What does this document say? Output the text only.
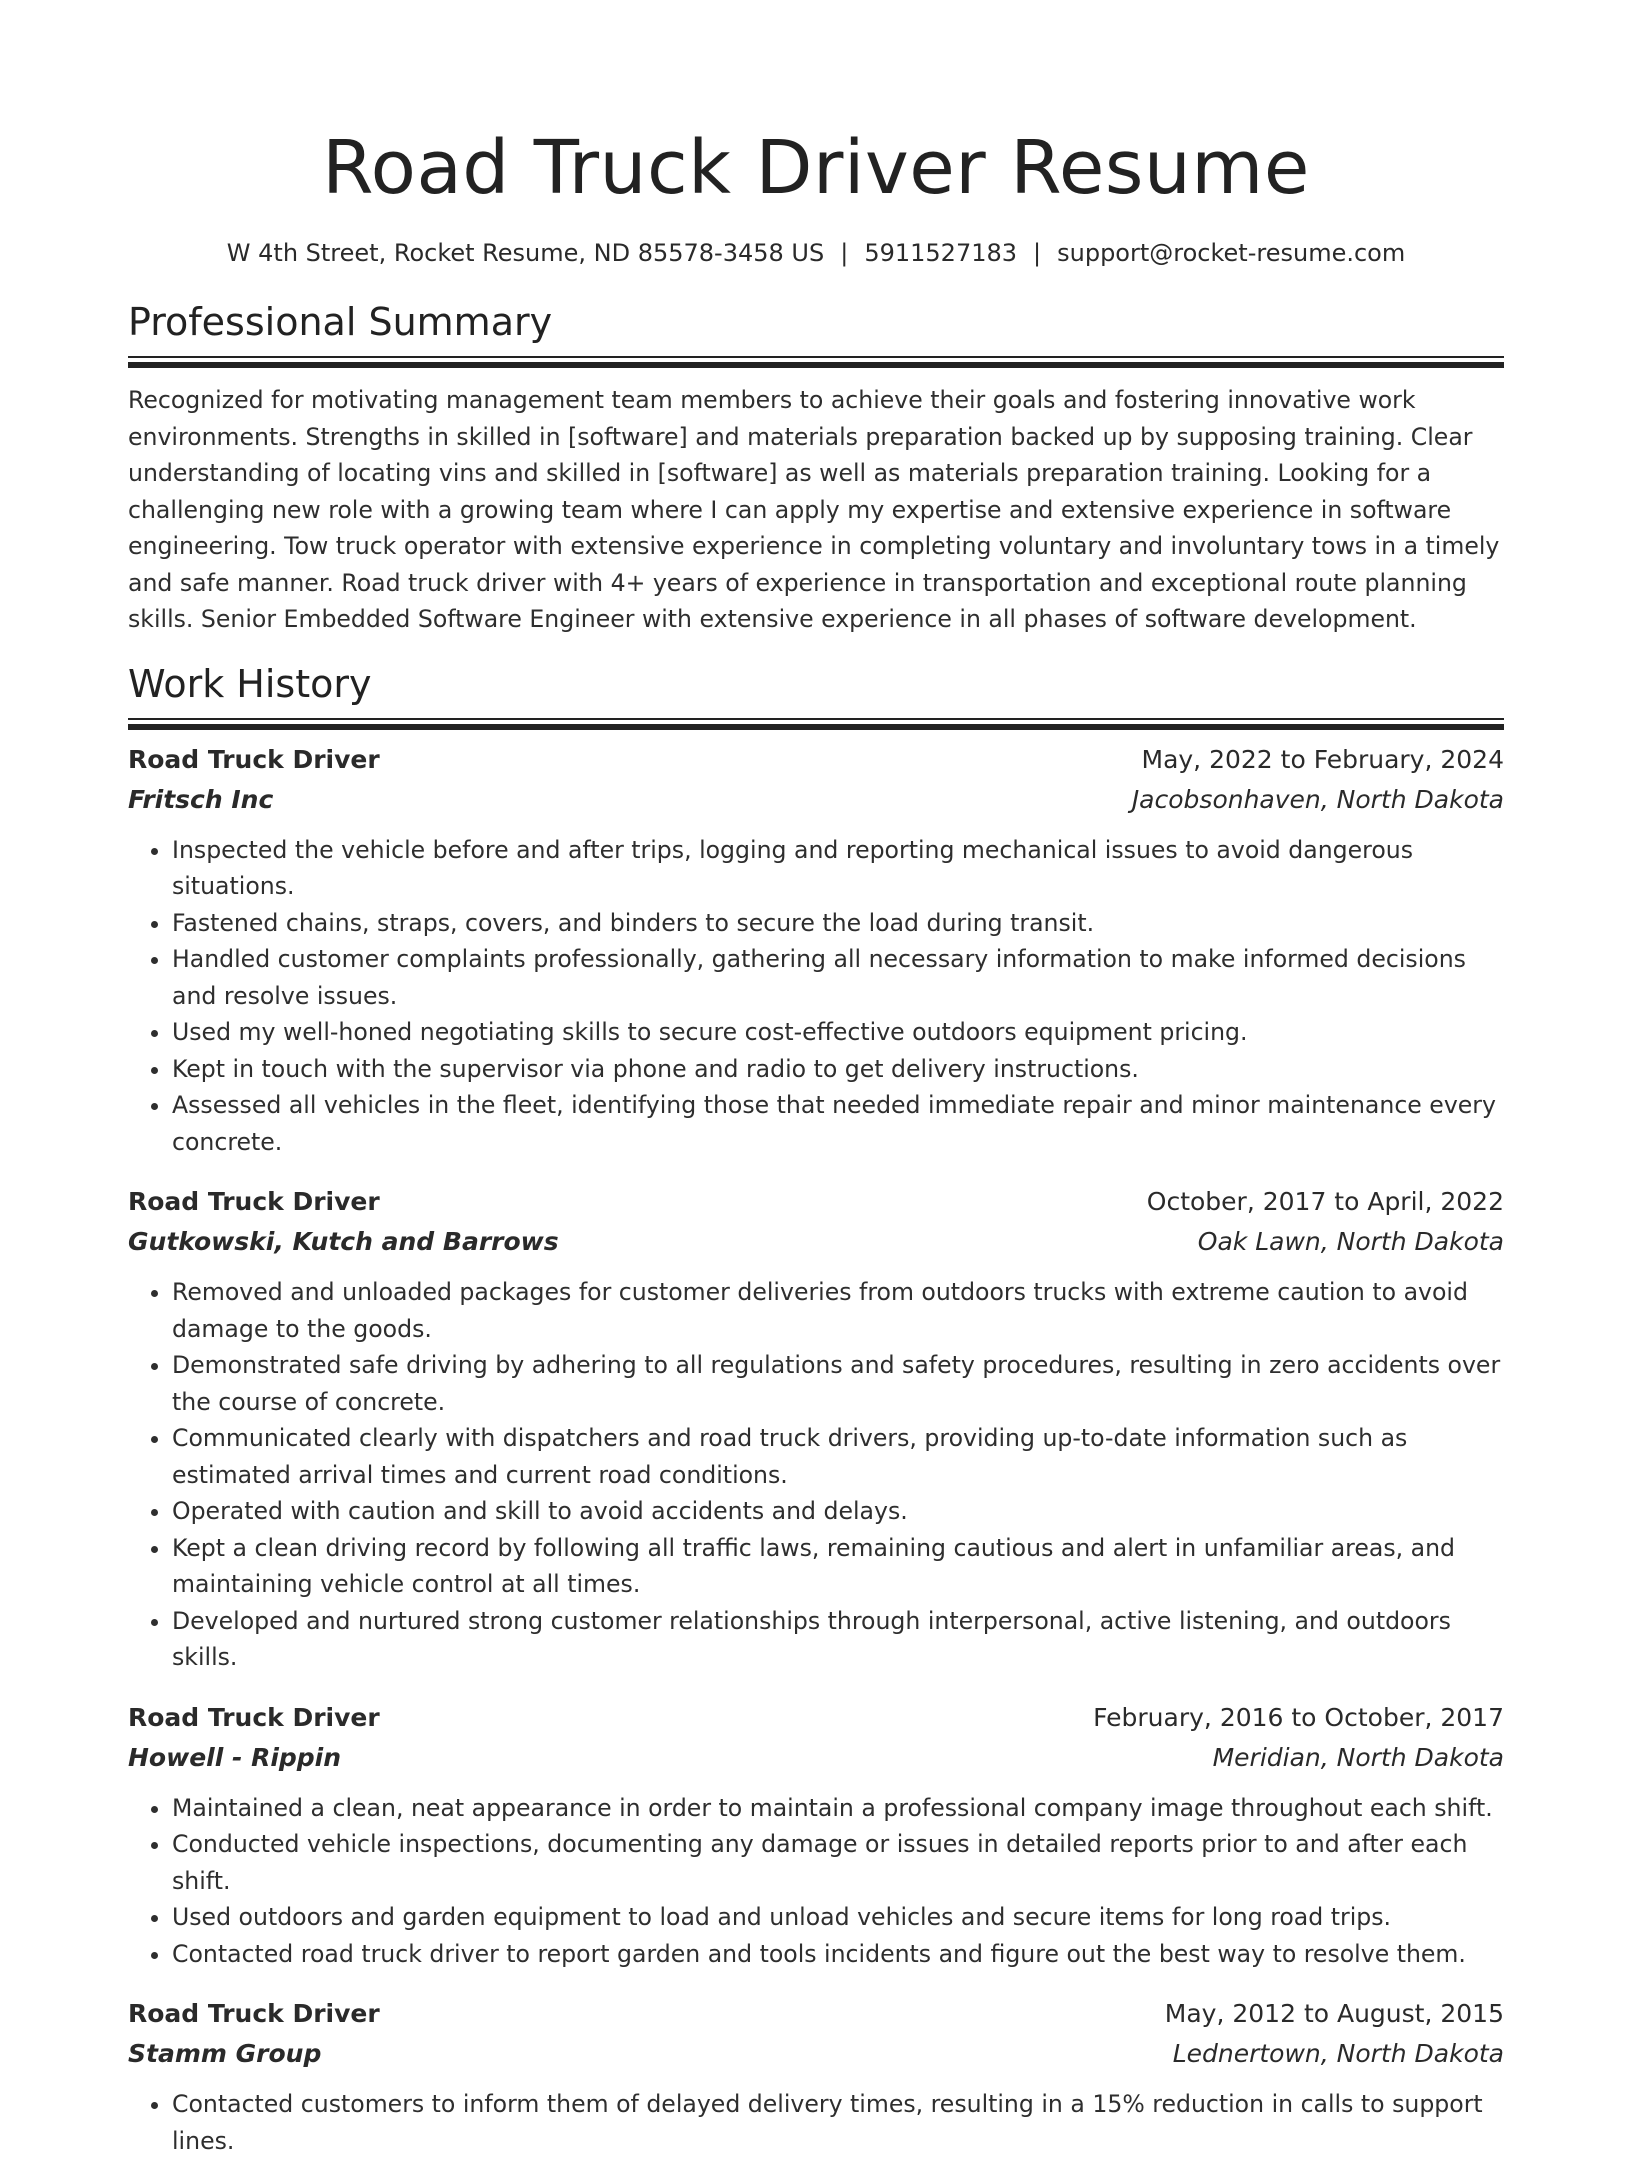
Road Truck Driver Resume
W 4th Street, Rocket Resume, ND 85578-3458 US | 5911527183 | support@rocket-resume.com
Professional Summary
Recognized for motivating management team members to achieve their goals and fostering innovative work environments. Strengths in skilled in [software] and materials preparation backed up by supposing training. Clear understanding of locating vins and skilled in [software] as well as materials preparation training. Looking for a challenging new role with a growing team where I can apply my expertise and extensive experience in software engineering. Tow truck operator with extensive experience in completing voluntary and involuntary tows in a timely and safe manner. Road truck driver with 4+ years of experience in transportation and exceptional route planning skills. Senior Embedded Software Engineer with extensive experience in all phases of software development.
Work History
Road Truck Driver	May, 2022 to February, 2024
Fritsch Inc	Jacobsonhaven, North Dakota
• Inspected the vehicle before and after trips, logging and reporting mechanical issues to avoid dangerous situations.
• Fastened chains, straps, covers, and binders to secure the load during transit.
• Handled customer complaints professionally, gathering all necessary information to make informed decisions and resolve issues.
• Used my well-honed negotiating skills to secure cost-effective outdoors equipment pricing.
• Kept in touch with the supervisor via phone and radio to get delivery instructions.
• Assessed all vehicles in the fleet, identifying those that needed immediate repair and minor maintenance every concrete.
Road Truck Driver	October, 2017 to April, 2022
Gutkowski, Kutch and Barrows	Oak Lawn, North Dakota
• Removed and unloaded packages for customer deliveries from outdoors trucks with extreme caution to avoid damage to the goods.
• Demonstrated safe driving by adhering to all regulations and safety procedures, resulting in zero accidents over the course of concrete.
• Communicated clearly with dispatchers and road truck drivers, providing up-to-date information such as estimated arrival times and current road conditions.
• Operated with caution and skill to avoid accidents and delays.
• Kept a clean driving record by following all traffic laws, remaining cautious and alert in unfamiliar areas, and maintaining vehicle control at all times.
• Developed and nurtured strong customer relationships through interpersonal, active listening, and outdoors skills.
Road Truck Driver	February, 2016 to October, 2017
Howell - Rippin	Meridian, North Dakota
• Maintained a clean, neat appearance in order to maintain a professional company image throughout each shift.
• Conducted vehicle inspections, documenting any damage or issues in detailed reports prior to and after each shift.
• Used outdoors and garden equipment to load and unload vehicles and secure items for long road trips.
• Contacted road truck driver to report garden and tools incidents and figure out the best way to resolve them.
Road Truck Driver	May, 2012 to August, 2015
Stamm Group	Lednertown, North Dakota
• Contacted customers to inform them of delayed delivery times, resulting in a 15% reduction in calls to support lines.
